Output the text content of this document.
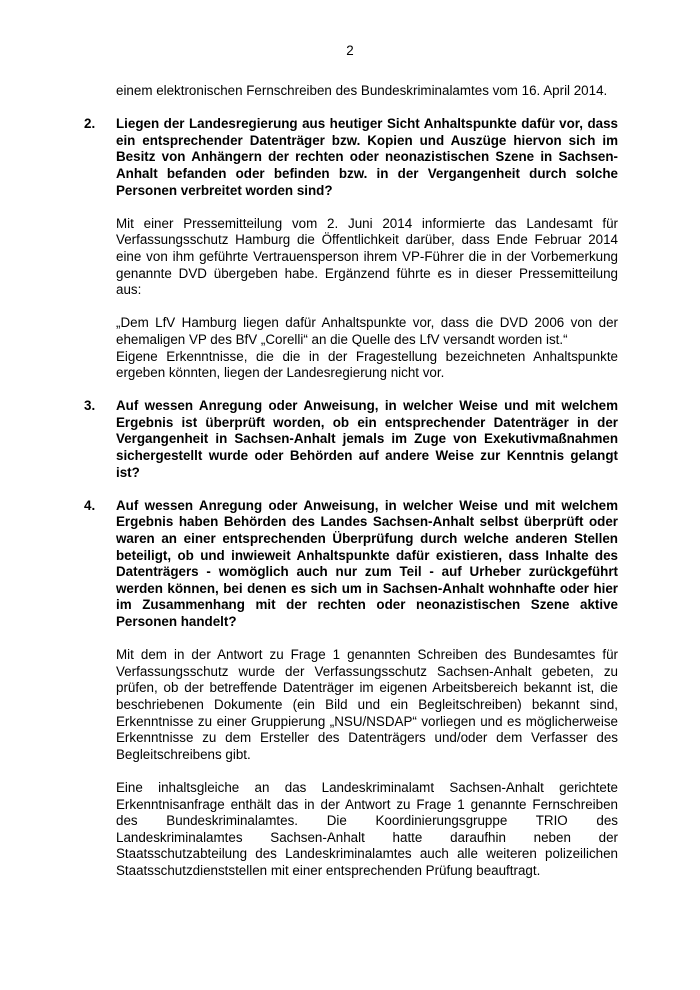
2

einem elektronischen Fernschreiben des Bundeskriminalamtes vom 16. April 2014.

2. Liegen der Landesregierung aus heutiger Sicht Anhaltspunkte dafür vor, dass ein entsprechender Datenträger bzw. Kopien und Auszüge hiervon sich im Besitz von Anhängern der rechten oder neonazistischen Szene in Sachsen-Anhalt befanden oder befinden bzw. in der Vergangenheit durch solche Personen verbreitet worden sind?

Mit einer Pressemitteilung vom 2. Juni 2014 informierte das Landesamt für Verfassungsschutz Hamburg die Öffentlichkeit darüber, dass Ende Februar 2014 eine von ihm geführte Vertrauensperson ihrem VP-Führer die in der Vorbemerkung genannte DVD übergeben habe. Ergänzend führte es in dieser Pressemitteilung aus:

„Dem LfV Hamburg liegen dafür Anhaltspunkte vor, dass die DVD 2006 von der ehemaligen VP des BfV „Corelli“ an die Quelle des LfV versandt worden ist.“

Eigene Erkenntnisse, die die in der Fragestellung bezeichneten Anhaltspunkte ergeben könnten, liegen der Landesregierung nicht vor.

3. Auf wessen Anregung oder Anweisung, in welcher Weise und mit welchem Ergebnis ist überprüft worden, ob ein entsprechender Datenträger in der Vergangenheit in Sachsen-Anhalt jemals im Zuge von Exekutivmaßnahmen sichergestellt wurde oder Behörden auf andere Weise zur Kenntnis gelangt ist?
4. Auf wessen Anregung oder Anweisung, in welcher Weise und mit welchem Ergebnis haben Behörden des Landes Sachsen-Anhalt selbst überprüft oder waren an einer entsprechenden Überprüfung durch welche anderen Stellen beteiligt, ob und inwieweit Anhaltspunkte dafür existieren, dass Inhalte des Datenträgers - womöglich auch nur zum Teil - auf Urheber zurückgeführt werden können, bei denen es sich um in Sachsen-Anhalt wohnhafte oder hier im Zusammenhang mit der rechten oder neonazistischen Szene aktive Personen handelt?

Mit dem in der Antwort zu Frage 1 genannten Schreiben des Bundesamtes für Verfassungsschutz wurde der Verfassungsschutz Sachsen-Anhalt gebeten, zu prüfen, ob der betreffende Datenträger im eigenen Arbeitsbereich bekannt ist, die beschriebenen Dokumente (ein Bild und ein Begleitschreiben) bekannt sind, Erkenntnisse zu einer Gruppierung „NSU/NSDAP“ vorliegen und es möglicherweise Erkenntnisse zu dem Ersteller des Datenträgers und/oder dem Verfasser des Begleitschreibens gibt.

Eine inhaltsgleiche an das Landeskriminalamt Sachsen-Anhalt gerichtete Erkenntnisanfrage enthält das in der Antwort zu Frage 1 genannte Fernschreiben des Bundeskriminalamtes. Die Koordinierungsgruppe TRIO des Landeskriminalamtes Sachsen-Anhalt hatte daraufhin neben der Staatsschutzabteilung des Landeskriminalamtes auch alle weiteren polizeilichen Staatsschutzdienststellen mit einer entsprechenden Prüfung beauftragt.
